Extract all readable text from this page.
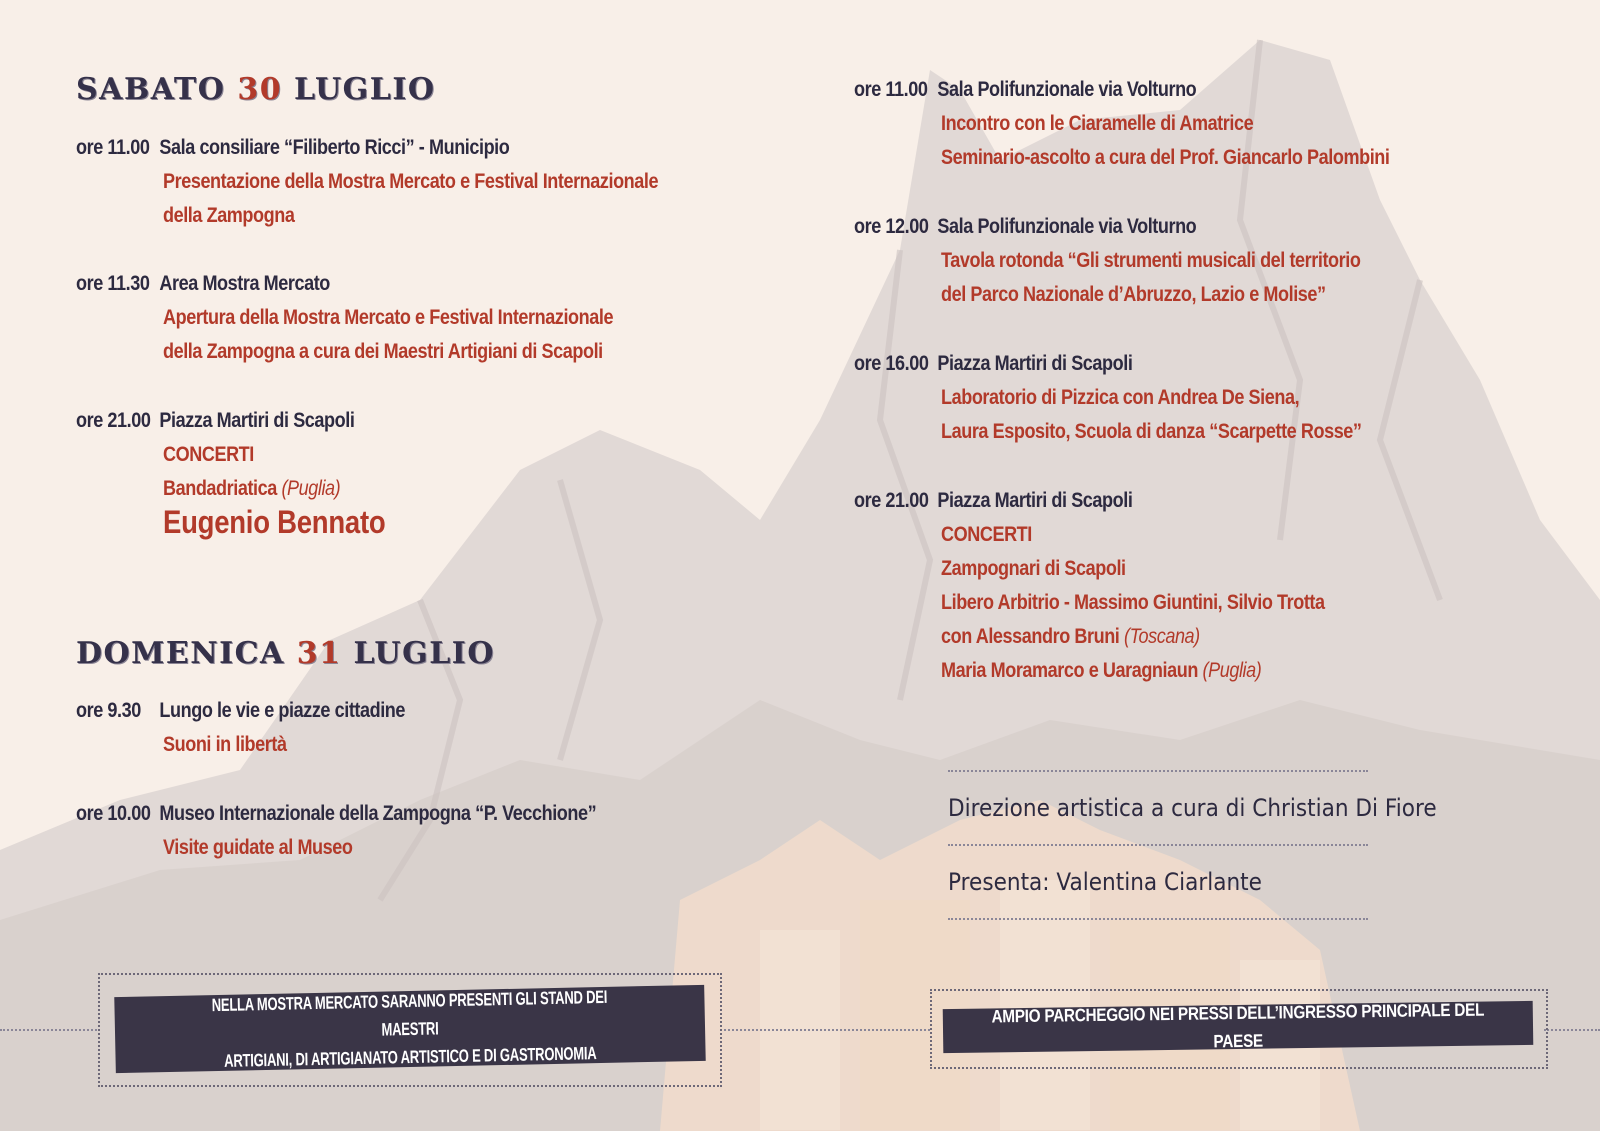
SABATO 30 LUGLIO
ore 11.00 Sala consiliare “Filiberto Ricci” - Municipio
Presentazione della Mostra Mercato e Festival Internazionale
della Zampogna
ore 11.30 Area Mostra Mercato
Apertura della Mostra Mercato e Festival Internazionale
della Zampogna a cura dei Maestri Artigiani di Scapoli
ore 21.00 Piazza Martiri di Scapoli
CONCERTI
Bandadriatica (Puglia)
Eugenio Bennato
DOMENICA 31 LUGLIO
ore 9.30 Lungo le vie e piazze cittadine
Suoni in libertà
ore 10.00 Museo Internazionale della Zampogna “P. Vecchione”
Visite guidate al Museo
ore 11.00 Sala Polifunzionale via Volturno
Incontro con le Ciaramelle di Amatrice
Seminario-ascolto a cura del Prof. Giancarlo Palombini
ore 12.00 Sala Polifunzionale via Volturno
Tavola rotonda “Gli strumenti musicali del territorio
del Parco Nazionale d’Abruzzo, Lazio e Molise”
ore 16.00 Piazza Martiri di Scapoli
Laboratorio di Pizzica con Andrea De Siena,
Laura Esposito, Scuola di danza “Scarpette Rosse”
ore 21.00 Piazza Martiri di Scapoli
CONCERTI
Zampognari di Scapoli
Libero Arbitrio - Massimo Giuntini, Silvio Trotta
con Alessandro Bruni (Toscana)
Maria Moramarco e Uaragniaun (Puglia)
Direzione artistica a cura di Christian Di Fiore
Presenta: Valentina Ciarlante
NELLA MOSTRA MERCATO SARANNO PRESENTI GLI STAND DEI MAESTRI
ARTIGIANI, DI ARTIGIANATO ARTISTICO E DI GASTRONOMIA
AMPIO PARCHEGGIO NEI PRESSI DELL’INGRESSO PRINCIPALE DEL PAESE
